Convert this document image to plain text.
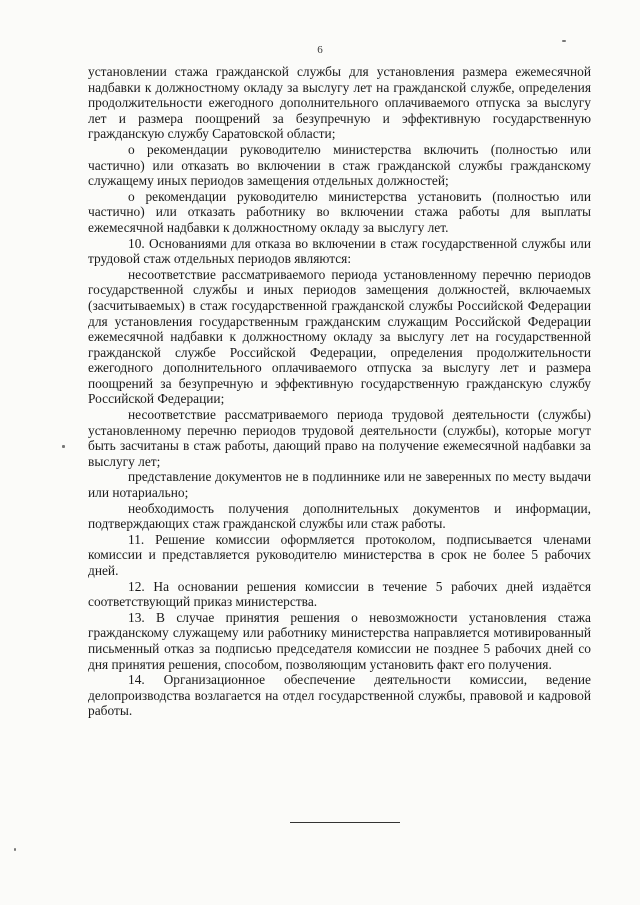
6

установлении стажа гражданской службы для установления размера ежемесячной надбавки к должностному окладу за выслугу лет на гражданской службе, определения продолжительности ежегодного дополнительного оплачиваемого отпуска за выслугу лет и размера поощрений за безупречную и эффективную государственную гражданскую службу Саратовской области;

о рекомендации руководителю министерства включить (полностью или частично) или отказать во включении в стаж гражданской службы гражданскому служащему иных периодов замещения отдельных должностей;

о рекомендации руководителю министерства установить (полностью или частично) или отказать работнику во включении стажа работы для выплаты ежемесячной надбавки к должностному окладу за выслугу лет.

10. Основаниями для отказа во включении в стаж государственной службы или трудовой стаж отдельных периодов являются:

несоответствие рассматриваемого периода установленному перечню периодов государственной службы и иных периодов замещения должностей, включаемых (засчитываемых) в стаж государственной гражданской службы Российской Федерации для установления государственным гражданским служащим Российской Федерации ежемесячной надбавки к должностному окладу за выслугу лет на государственной гражданской службе Российской Федерации, определения продолжительности ежегодного дополнительного оплачиваемого отпуска за выслугу лет и размера поощрений за безупречную и эффективную государственную гражданскую службу Российской Федерации;

несоответствие рассматриваемого периода трудовой деятельности (службы) установленному перечню периодов трудовой деятельности (службы), которые могут быть засчитаны в стаж работы, дающий право на получение ежемесячной надбавки за выслугу лет;

представление документов не в подлиннике или не заверенных по месту выдачи или нотариально;

необходимость получения дополнительных документов и информации, подтверждающих стаж гражданской службы или стаж работы.

11. Решение комиссии оформляется протоколом, подписывается членами комиссии и представляется руководителю министерства в срок не более 5 рабочих дней.

12. На основании решения комиссии в течение 5 рабочих дней издаётся соответствующий приказ министерства.

13. В случае принятия решения о невозможности установления стажа гражданскому служащему или работнику министерства направляется мотивированный письменный отказ за подписью председателя комиссии не позднее 5 рабочих дней со дня принятия решения, способом, позволяющим установить факт его получения.

14. Организационное обеспечение деятельности комиссии, ведение делопроизводства возлагается на отдел государственной службы, правовой и кадровой работы.
